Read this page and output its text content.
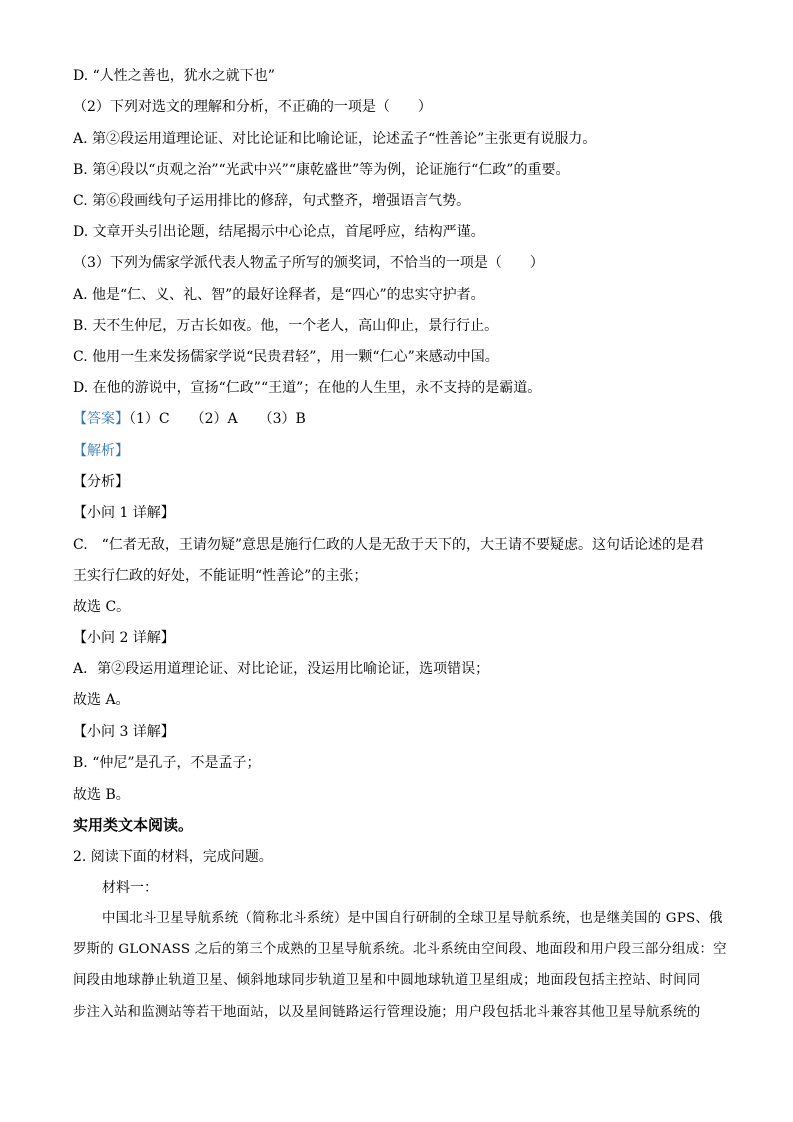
D. “人性之善也，犹水之就下也”
（2）下列对选文的理解和分析，不正确的一项是（　　）
A. 第②段运用道理论证、对比论证和比喻论证，论述孟子“性善论”主张更有说服力。
B. 第④段以“贞观之治”“光武中兴”“康乾盛世”等为例，论证施行“仁政”的重要。
C. 第⑥段画线句子运用排比的修辞，句式整齐，增强语言气势。
D. 文章开头引出论题，结尾揭示中心论点，首尾呼应，结构严谨。
（3）下列为儒家学派代表人物孟子所写的颁奖词，不恰当的一项是（　　）
A. 他是“仁、义、礼、智”的最好诠释者，是“四心”的忠实守护者。
B. 天不生仲尼，万古长如夜。他，一个老人，高山仰止，景行行止。
C. 他用一生来发扬儒家学说“民贵君轻”，用一颗“仁心”来感动中国。
D. 在他的游说中，宣扬“仁政”“王道”；在他的人生里，永不支持的是霸道。
【答案】（1）C　　（2）A　　（3）B
【解析】
【分析】
【小问 1 详解】
C.　“仁者无敌，王请勿疑”意思是施行仁政的人是无敌于天下的，大王请不要疑虑。这句话论述的是君
王实行仁政的好处，不能证明“性善论”的主张；
故选 C。
【小问 2 详解】
A．第②段运用道理论证、对比论证，没运用比喻论证，选项错误；
故选 A。
【小问 3 详解】
B. “仲尼”是孔子，不是孟子；
故选 B。
实用类文本阅读。
2. 阅读下面的材料，完成问题。
材料一：
中国北斗卫星导航系统（简称北斗系统）是中国自行研制的全球卫星导航系统，也是继美国的 GPS、俄
罗斯的 GLONASS 之后的第三个成熟的卫星导航系统。北斗系统由空间段、地面段和用户段三部分组成：空
间段由地球静止轨道卫星、倾斜地球同步轨道卫星和中圆地球轨道卫星组成；地面段包括主控站、时间同
步注入站和监测站等若干地面站，以及星间链路运行管理设施；用户段包括北斗兼容其他卫星导航系统的
